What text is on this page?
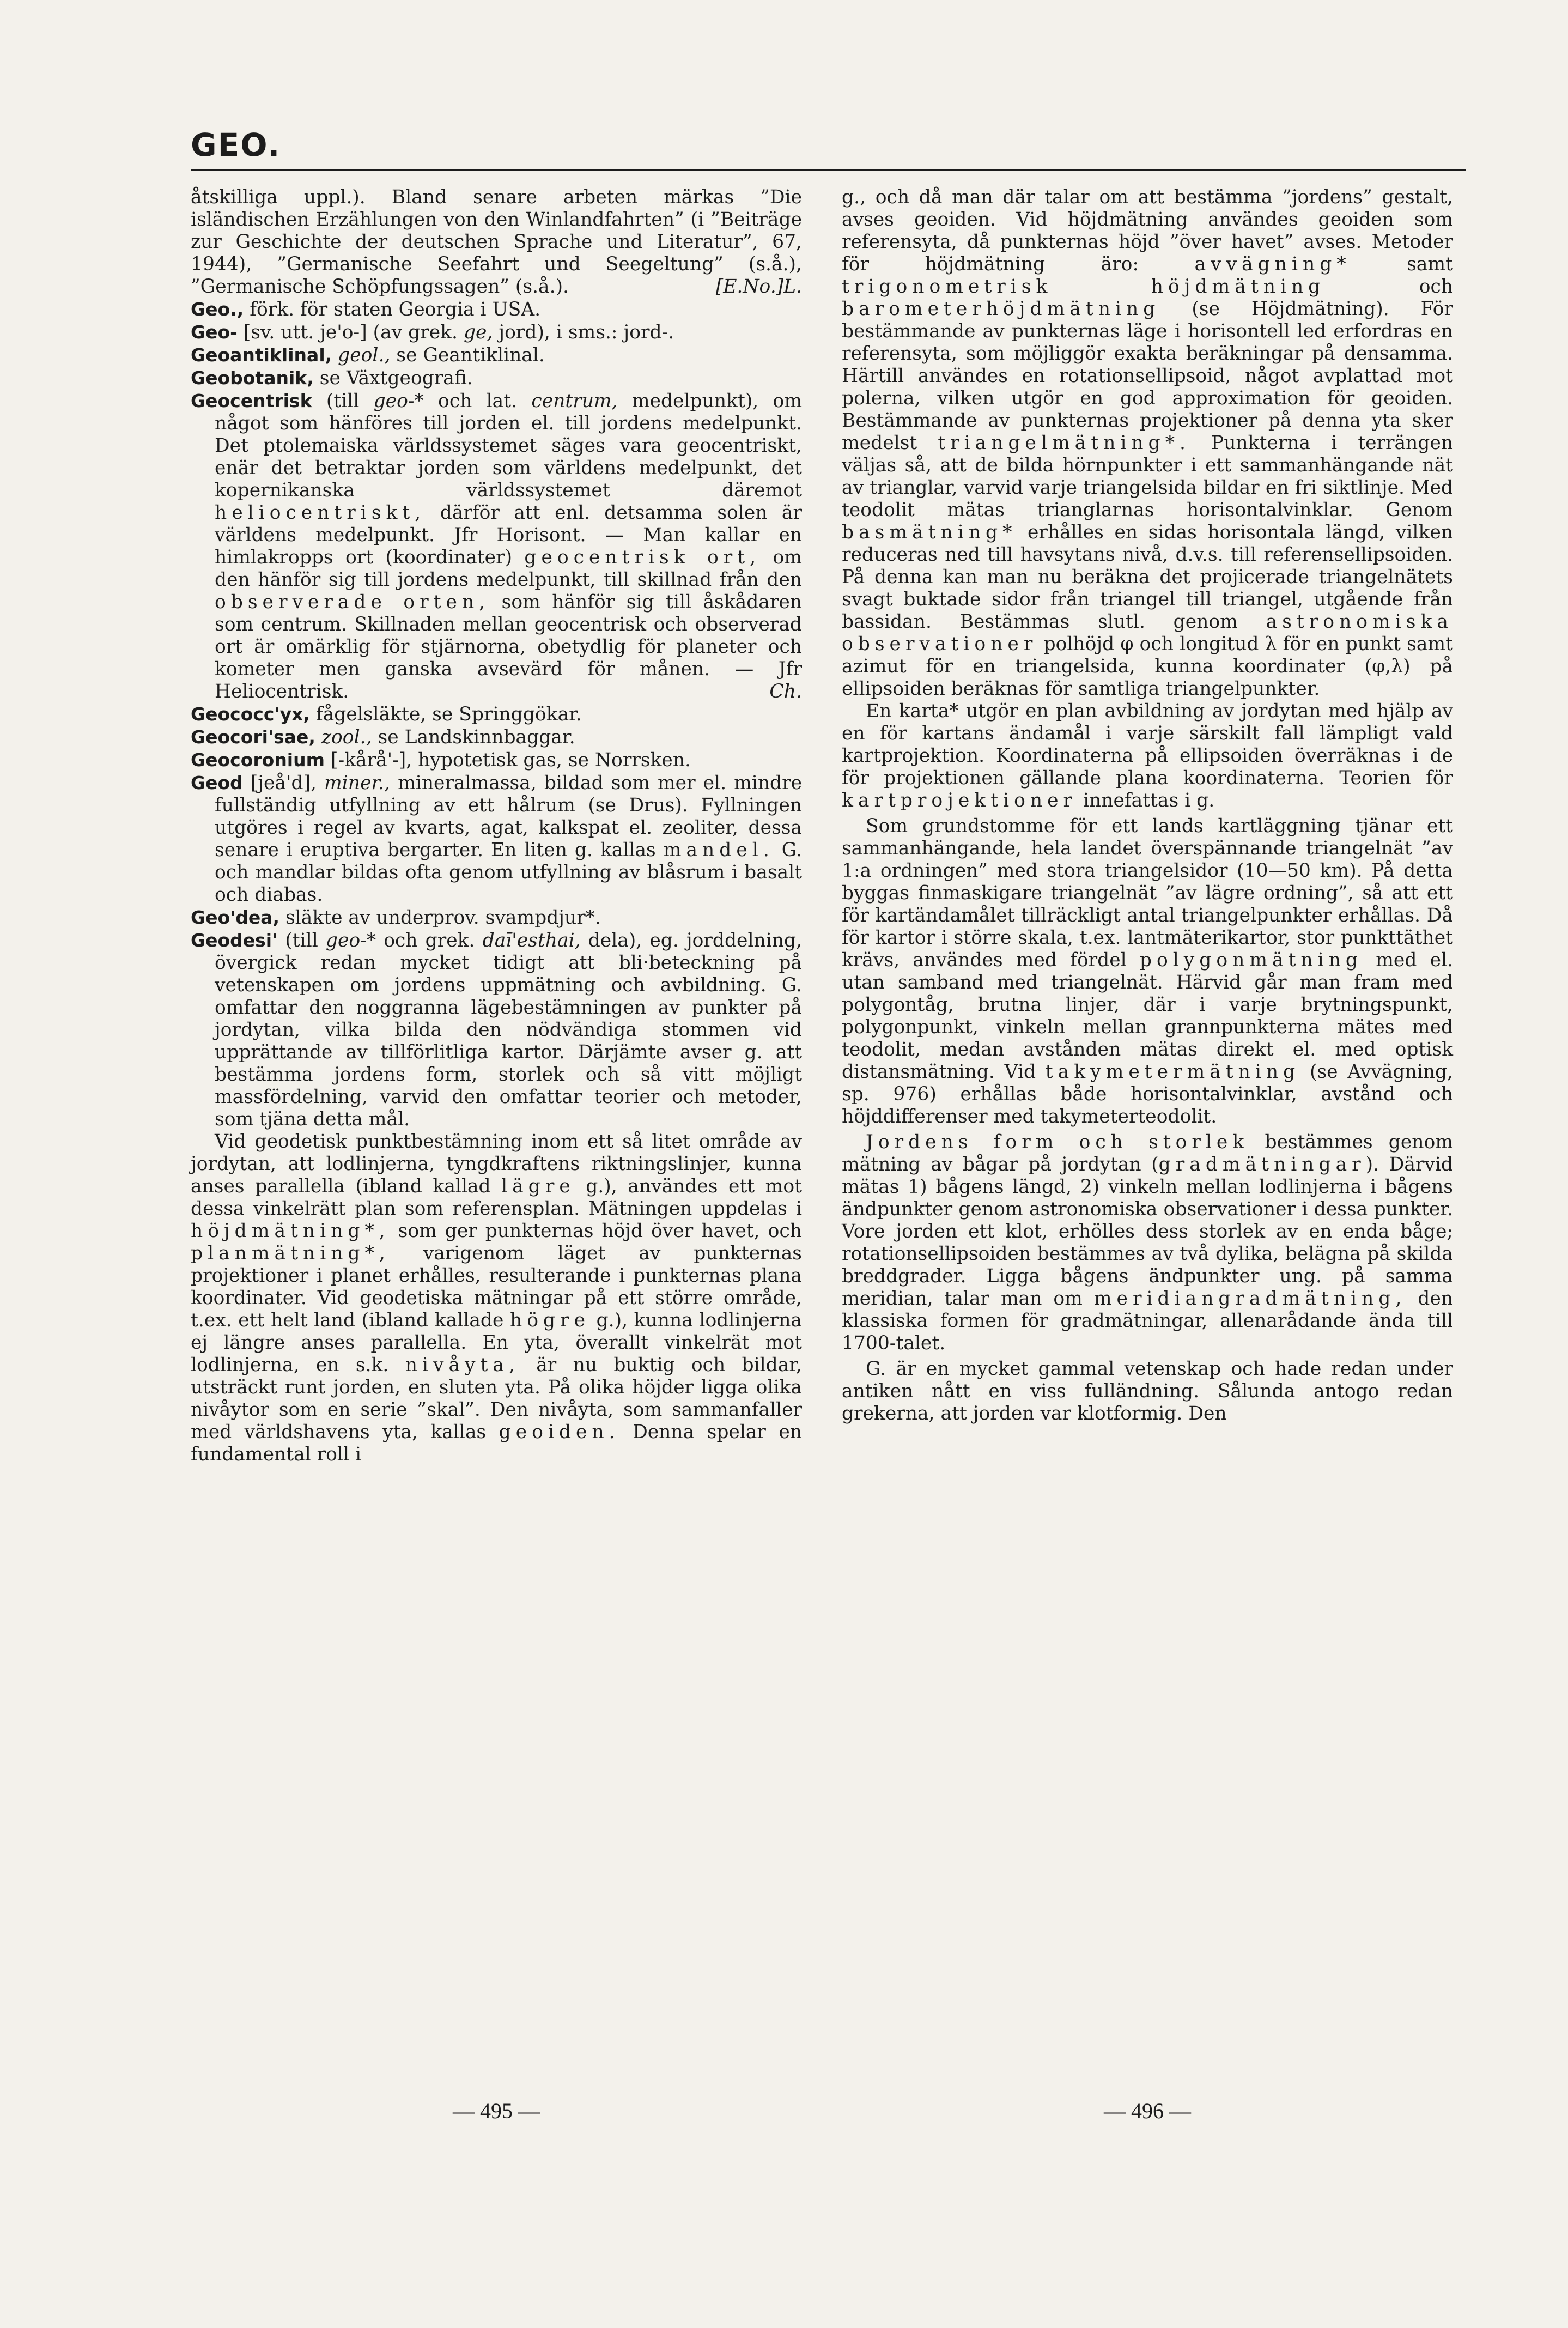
GEO.

åtskilliga uppl.). Bland senare arbeten märkas ”Die isländischen Erzählungen von den Winlandfahrten” (i ”Beiträge zur Geschichte der deutschen Sprache und Literatur”, 67, 1944), ”Germanische Seefahrt und Seegeltung” (s.å.), ”Germanische Schöpfungssagen” (s.å.).	[E.No.]L.

Geo., förk. för staten Georgia i USA.

Geo- [sv. utt. je'o-] (av grek. ge, jord), i sms.: jord-.

Geoantiklinal, geol., se Geantiklinal.

Geobotanik, se Växtgeografi.

Geocentrisk (till geo-* och lat. centrum, medelpunkt), om något som hänföres till jorden el. till jordens medelpunkt. Det ptolemaiska världssystemet säges vara geocentriskt, enär det betraktar jorden som världens medelpunkt, det kopernikanska världssystemet däremot heliocentriskt, därför att enl. detsamma solen är världens medelpunkt. Jfr Horisont. — Man kallar en himlakropps ort (koordinater) geocentrisk ort, om den hänför sig till jordens medelpunkt, till skillnad från den observerade orten, som hänför sig till åskådaren som centrum. Skillnaden mellan geocentrisk och observerad ort är omärklig för stjärnorna, obetydlig för planeter och kometer men ganska avsevärd för månen. — Jfr Heliocentrisk.	Ch.

Geococc'yx, fågelsläkte, se Springgökar.

Geocori'sae, zool., se Landskinnbaggar.

Geocoronium [-kårå'-], hypotetisk gas, se Norrsken.

Geod [jeå'd], miner., mineralmassa, bildad som mer el. mindre fullständig utfyllning av ett hålrum (se Drus). Fyllningen utgöres i regel av kvarts, agat, kalkspat el. zeoliter, dessa senare i eruptiva bergarter. En liten g. kallas mandel. G. och mandlar bildas ofta genom utfyllning av blåsrum i basalt och diabas.

Geo'dea, släkte av underprov. svampdjur*.

Geodesi' (till geo-* och grek. daī'esthai, dela), eg. jorddelning, övergick redan mycket tidigt att bli·beteckning på vetenskapen om jordens uppmätning och avbildning. G. omfattar den noggranna lägebestämningen av punkter på jordytan, vilka bilda den nödvändiga stommen vid upprättande av tillförlitliga kartor. Därjämte avser g. att bestämma jordens form, storlek och så vitt möjligt massfördelning, varvid den omfattar teorier och metoder, som tjäna detta mål.

Vid geodetisk punktbestämning inom ett så litet område av jordytan, att lodlinjerna, tyngdkraftens riktningslinjer, kunna anses parallella (ibland kallad lägre g.), användes ett mot dessa vinkelrätt plan som referensplan. Mätningen uppdelas i höjdmätning*, som ger punkternas höjd över havet, och planmätning*, varigenom läget av punkternas projektioner i planet erhålles, resulterande i punkternas plana koordinater. Vid geodetiska mätningar på ett större område, t.ex. ett helt land (ibland kallade högre g.), kunna lodlinjerna ej längre anses parallella. En yta, överallt vinkelrät mot lodlinjerna, en s.k. nivåyta, är nu buktig och bildar, utsträckt runt jorden, en sluten yta. På olika höjder ligga olika nivåytor som en serie ”skal”. Den nivåyta, som sammanfaller med världshavens yta, kallas geoiden. Denna spelar en fundamental roll i

g., och då man där talar om att bestämma ”jordens” gestalt, avses geoiden. Vid höjdmätning användes geoiden som referensyta, då punkternas höjd ”över havet” avses. Metoder för höjdmätning äro:	avvägning*	samt trigonometrisk höjdmätning	och barometerhöjdmätning (se Höjdmätning). För bestämmande av punkternas läge i horisontell led erfordras en referensyta, som möjliggör exakta beräkningar på densamma. Härtill användes en rotationsellipsoid, något avplattad mot polerna, vilken utgör en god approximation för geoiden. Bestämmande av punkternas projektioner på denna yta sker medelst triangelmätning*. Punkterna i terrängen väljas så, att de bilda hörnpunkter i ett sammanhängande nät av trianglar, varvid varje triangelsida bildar en fri siktlinje. Med teodolit mätas trianglarnas horisontalvinklar. Genom basmätning* erhålles en sidas horisontala längd, vilken reduceras ned till havsytans nivå, d.v.s. till referensellipsoiden. På denna kan man nu beräkna det projicerade triangelnätets svagt buktade sidor från triangel till triangel, utgående från bassidan. Bestämmas slutl. genom astronomiska observationer polhöjd φ och longitud λ för en punkt samt azimut för en triangelsida, kunna koordinater (φ,λ) på ellipsoiden beräknas för samtliga triangelpunkter.

En karta* utgör en plan avbildning av jordytan med hjälp av en för kartans ändamål i varje särskilt fall lämpligt vald kartprojektion. Koordinaterna på ellipsoiden överräknas i de för projektionen gällande plana koordinaterna. Teorien för kartprojektioner innefattas i g.

Som grundstomme för ett lands kartläggning tjänar ett sammanhängande, hela landet överspännande triangelnät ”av 1:a ordningen” med stora triangelsidor (10—50 km). På detta byggas finmaskigare triangelnät ”av lägre ordning”, så att ett för kartändamålet tillräckligt antal triangelpunkter erhållas. Då för kartor i större skala, t.ex. lantmäterikartor, stor punkttäthet krävs, användes med fördel polygonmätning med el. utan samband med triangelnät. Härvid går man fram med polygontåg, brutna linjer, där i varje brytningspunkt, polygonpunkt, vinkeln mellan grannpunkterna mätes med teodolit, medan avstånden mätas direkt el. med optisk distansmätning. Vid takymetermätning (se Avvägning, sp. 976) erhållas både horisontalvinklar, avstånd och höjddifferenser med takymeterteodolit.

Jordens form och storlek bestämmes genom mätning av bågar på jordytan (gradmätningar). Därvid mätas 1) bågens längd, 2) vinkeln mellan lodlinjerna i bågens ändpunkter genom astronomiska observationer i dessa punkter. Vore jorden ett klot, erhölles dess storlek av en enda båge; rotationsellipsoiden bestämmes av två dylika, belägna på skilda breddgrader. Ligga bågens ändpunkter ung. på samma meridian, talar man om meridiangradmätning, den klassiska formen för gradmätningar, allenarådande ända till 1700-talet.

G. är en mycket gammal vetenskap och hade redan under antiken nått en viss fulländning. Sålunda antogo redan grekerna, att jorden var klotformig. Den

— 495 —	— 496 —
